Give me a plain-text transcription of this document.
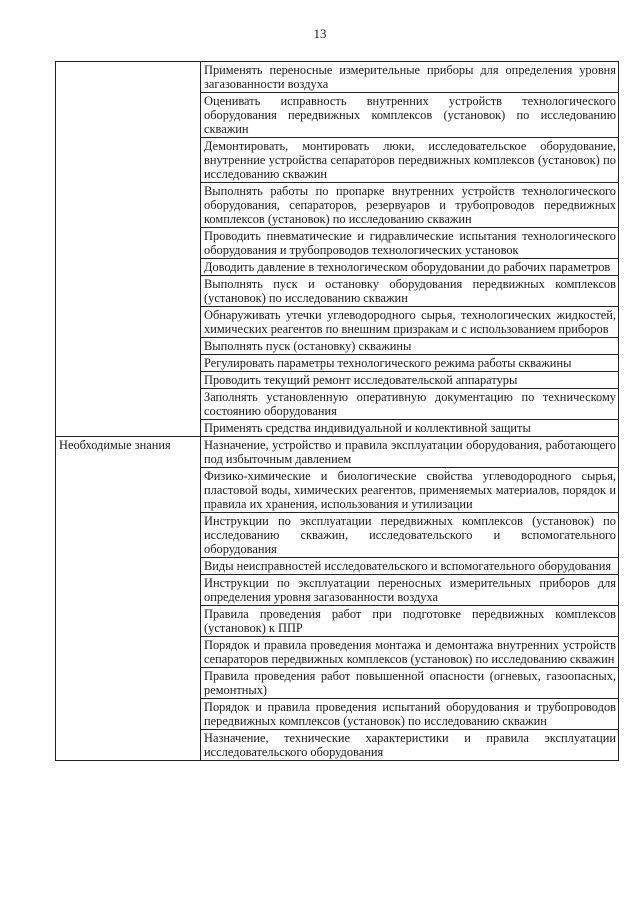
13
	Применять переносные измерительные приборы для определения уровня загазованности воздуха
	Оценивать исправность внутренних устройств технологического оборудования передвижных комплексов (установок) по исследованию скважин
	Демонтировать, монтировать люки, исследовательское оборудование, внутренние устройства сепараторов передвижных комплексов (установок) по исследованию скважин
	Выполнять работы по пропарке внутренних устройств технологического оборудования, сепараторов, резервуаров и трубопроводов передвижных комплексов (установок) по исследованию скважин
	Проводить пневматические и гидравлические испытания технологического оборудования и трубопроводов технологических установок
	Доводить давление в технологическом оборудовании до рабочих параметров
	Выполнять пуск и остановку оборудования передвижных комплексов (установок) по исследованию скважин
	Обнаруживать утечки углеводородного сырья, технологических жидкостей, химических реагентов по внешним призракам и с использованием приборов
	Выполнять пуск (остановку) скважины
	Регулировать параметры технологического режима работы скважины
	Проводить текущий ремонт исследовательской аппаратуры
	Заполнять установленную оперативную документацию по техническому состоянию оборудования
	Применять средства индивидуальной и коллективной защиты
Необходимые знания	Назначение, устройство и правила эксплуатации оборудования, работающего под избыточным давлением
	Физико-химические и биологические свойства углеводородного сырья, пластовой воды, химических реагентов, применяемых материалов, порядок и правила их хранения, использования и утилизации
	Инструкции по эксплуатации передвижных комплексов (установок) по исследованию скважин, исследовательского и вспомогательного оборудования
	Виды неисправностей исследовательского и вспомогательного оборудования
	Инструкции по эксплуатации переносных измерительных приборов для определения уровня загазованности воздуха
	Правила проведения работ при подготовке передвижных комплексов (установок) к ППР
	Порядок и правила проведения монтажа и демонтажа внутренних устройств сепараторов передвижных комплексов (установок) по исследованию скважин
	Правила проведения работ повышенной опасности (огневых, газоопасных, ремонтных)
	Порядок и правила проведения испытаний оборудования и трубопроводов передвижных комплексов (установок) по исследованию скважин
	Назначение, технические характеристики и правила эксплуатации исследовательского оборудования
